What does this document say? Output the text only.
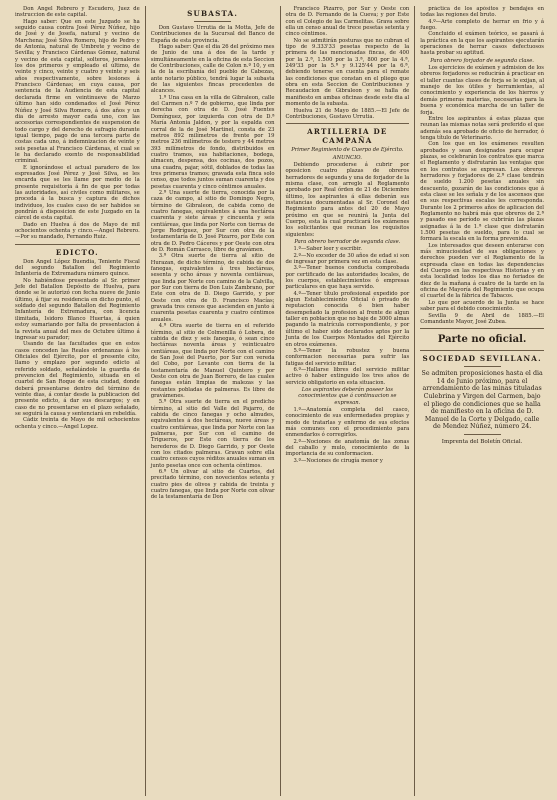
Don Angel Rebrero y Escudero, Juez de instruccion de este capital.

Hago saber: Que en este Juzgado se ha seguido causa contra José Pérez Núñez, hijo de José y de Josefa, natural y vecino de Marchena; José Silva Romero, hijo de Pedro y de Antonia, natural de Umbrete y vecino de Sevilla; y Francisco Cárdenas Gómez, natural y vecino de esta capital, solteros, jornaleros los dos primeros y empleado el último, de veinte y cinco, veinte y cuatro y veinte y seis años respectivamente, sobre lesiones á Francisco Cárdenas; en cuya causa, por sentencia de la Audiencia de esta capital declarada firme en veintinueve de Marzo último han sido condenados el José Pérez Núñez y José Silva Romero, á dos años y un dia de arresto mayor cada uno, con las accesorias correspondientes de suspension de todo cargo y del derecho de sufragio durante igual tiempo, pago de una tercera parte de costas cada uno, á indemnizacion de veinte y seis pesetas al Francisco Cárdenas, el cual se le ha declarado exento de responsabilidad criminal.

E ignorándose el actual paradero de los espresados José Pérez y José Silva, se les encarda que se les llame por medio de la presente requisitoria á fin de que por todas las autoridades, así civiles como militares, se proceda á la busca y captura de dichos individuos, los cuales caso de ser habidos se pondrán á disposicion de este Juzgado en la cárcel de esta capital.

Dado en Huelva á dos de Mayo de mil ochocientos ochenta y cinco.—Angel Rebrero.—Por su mandado, Fernando Ruiz.

EDICTO.

Don Angel López Buendia, Teniente Fiscal del segundo Batallon del Regimiento Infantería de Extremadura número quince.

No habiéndose presentado al Sr. primer Jefe del Batallon Depósito de Huelva, para donde se le autorizó con fecha nueve de Junio último, á fijar su residencia en dicho punto, el soldado del segundo Batallon del Regimiento Infantería de Extremadura, con licencia ilimitada, Isidoro Blanco Huertas, á quien estoy sumariando por falta de presentacion á la revista anual del mes de Octubre último á ingresar su parador;

Usando de las facultades que en estos casos conceden las Reales ordenanzas á los Oficiales del Ejército, por el presente cito, llamo y emplazo por segundo edicto al referido soldado, señalándole la guardia de prevencion del Regimiento, situada en el cuartel de San Roque de esta ciudad, donde deberá presentarse dentro del término de veinte días, á contar desde la publicacion del presente edicto, á dar sus descargos; y en caso de no presentarse en el plazo señalado, se seguirá la causa y sentenciará en rebeldía.

Cádiz treinta de Mayo de mil ochocientos ochenta y cinco.—Angel Lopez.

SUBASTA.

Don Gustavo Urrutia de la Motta, Jefe de Contribuciones de la Sucursal del Banco de España de esta provincia.

Hago saber: Que el dia 26 del próximo mes de Junio de una á dos de la tarde y simultáneamente en la oficina de esta Seccion de Contribuciones, calle de Colon n.º 10, y en la de la escribanía del pueblo de Cabezas, ante notario público, tendrá lugar la subasta de las siguientes fincas procedentes de alcances.

1.ª Una casa en la villa de Gibraleon, calle del Carmen n.º 7 de gobierno, que linda por derecha con otra de D. José Fuentes Domínguez, por izquierda con otra de D.ª María Antonia Jaldon, y por la espalda con corral de la de José Martinel, consta de 23 metros 892 milímetros de frente por 19 metros 236 milímetros de testero y 44 metros 393 milímetros de fondo, distribuidos en cuatro tramos, sus habitaciones, bodega, almacen, despensa, dos cocinas, dos pozos, una cuadra, pajar, sótil, doblados de todas las tres primeras tramos; gravada esta finca solo censo, que todos juntos suman cuarenta y dos pesetas cuarenta y cinco céntimos anuales.

2.ª Una suerte de tierra, conocida por la caza de campo, al sitio de Domingo Negro, término de Gibraleon, de cabida como de cuatro fanegas, equivalentes á una hectárea cuarenta y siete áreas y cincuenta y seis centiáreas, que linda por Norte con tierras de Jorge Rodríguez, por Sur con otra de la testamentaría de D. José Pizarro, por Este con otra de D. Pedro Cáceres y por Oeste con otra de D. Román Carrasco, libre de gravámen.

3.ª Otra suerte de tierra al sitio de Hurazan, de dicho término, de cabida de dos fanegas, equivalentes á tres hectáreas, sesenta y ocho áreas y noventa centiáreas, que linda por Norte con camino de la Calvilla, por Sur con tierra de Don Luis Zambrano, por Este con otra de D. Diego Garrido, y por Oeste con otra de D. Francisco Macías; gravada tres censos que ascienden en junto á cuarenta pesetas cuarenta y cuatro céntimos anuales.

4.ª Otra suerte de tierra en el referido término, al sitio de Colmenilla ó Lobera, de cabida de diez y seis fanegas, ó sean cinco hectáreas noventa áreas y veinticuatro centiáreas, que linda por Norte con el camino de San José del Puerto, por Sur con vereda del Cobo, por Levante con tierra de la testamentaría de Manuel Quintero y por Oeste con otra de Juan Borrero, de las cuales fanegas están limpias de malezas y las restantes pobladas de palmeras. Es libre de gravámenes.

5.ª Otra suerte de tierra en el predicho término, al sitio del Valle del Pajarro, de cabida de cinco fanegas y ocho almudes, equivalentes á dos hectáreas, nueve áreas y cuatro centiáreas, que linda por Norte con las palmeras, por Sur con el camino de Trigueros, por Este con tierra de los herederos de D. Diego Garrido, y por Oeste con los citados palmeras. Gravan sobre ella cuatro censos cuyos réditos anuales suman en junto pesetas once con ochenta céntimos.

6.ª Un olivar al sitio de Cuartos, del precitado término, con novecientos setenta y cuatro pies de olivos y cabida de treinta y cuatro fanegas, que linda por Norte con olivar de la testamentaría de Don

Francisco Pizarro, por Sur y Oeste con otra de D. Fernando de la Cueva; y por Este con el Colegio de las Carmelitas. Grava sobre ella un censo anual de trece pesetas setenta y cinco céntimos.

No se admitirán posturas que no cubran el tipo de 9.333'33 pesetas respecto de la primera de las mencionadas fincas, de 400 por la 2.ª, 1.500 por la 3.ª, 800 por la 4.ª, 249'33 por la 5.ª y 9.125'44 por la 6.ª, debiendo tenerse en cuenta para el remate las condiciones que constan en el pliego que obra en esta Seccion de Contribuciones y Recaudacion de Gibraleon y se halla de manifiesto en ambas oficinas desde este dia al momento de la subasta.

Huelva 21 de Mayo de 1885.—El Jefe de Contribuciones, Gustavo Urrutia.

ARTILLERIA DE CAMPAÑA

Primer Regimiento de Cuerpo de Ejército.

ANUNCIO.

Debiendo procederse á cubrir por oposicion cuatro plazas de obreros herradores de segunda y una de forjador de la misma clase, con arreglo al Reglamento aprobado por Real órden de 21 de Diciembre último, los aspirantes á ellas deberán sus instancias documentadas al Sr. Coronel del Regimiento para antes del 20 de Mayo próximo en que se reunirá la Junta del Cuerpo, esta la cual practicará los exámenes los solicitantes que reunan los requisitos siguientes:

Para obrero herrador de segunda clase.

1.º—Saber leer y escribir.

2.º—No exceder de 30 años de edad si son de ingresar por primera vez en esta clase.

3.º—Tener buenos conducta comprobada por certificado de las autoridades locales, de los cuerpos, establecimientos ó empresas particulares en que haya servido.

4.º—Tener título profesional expedido por algun Establecimiento Oficial ó privado de reputacion conocida ó bien haber desempeñado la profesion al frente de algun taller en poblacion que no baje de 3000 almas pagando la matrícula correspondiente, y por último el haber sido declarados aptos por la Junta de los Cuerpos Montados del Ejército en otros exámenes.

5.º—Tener la robustez y buena conformacion necesarias para sufrir las fatigas del servicio militar.

6.º—Hallarse libres del servicio militar activo ó haber extinguido los tres años de servicio obligatorio en esta situacion.

Los aspirantes deberán poseer los conocimientos que á continuacion se expresan.

1.º—Anatomía completa del casco, conocimiento de sus enfermedades propias y modo de tratarlas y enfermo de sus efectos más comunes con el procedimiento para enmendarlos ó corregirlos.

2.º—Nociones de anatomía de las zonas del caballo y mulo, conocimiento de la importancia de su conformacion.

3.º—Nociones de cirugía menor y

práctica de los apósitos y bendajes en todas las regiones del bruto.

4.º—Arte completo de herrar en frio y á fuego.

Concluido el exámen teórico, se pasará á la práctica en la que los aspirantes ejecutarán operaciones de herrar casos defectuosos hasta probar su aptitud.

Para obrero forjador de segunda clase.

Los ejercicios de exámen y admision de los obreros forjadores se reducirán á practicar en el taller cuantas clases de forja se le exijan, al manejo de los útiles y herramientas, al conocimiento y experiencia de los hierros y demás primeras materias, necesarias para la buena y económica marcha de un taller de forja.

Entre los aspirantes á estas plazas que reunan las mismas notas será preferido el que además sea aprobado de oficio de herrador, ó tenga título de Veterinario.

Con los que en los exámenes resulten aprobados y sean designados para ocupar plazas, se celebrarán los contratos que marca el Reglamento y disfrutarán las ventajas que en los contratos se expresan. Los obreros herradores y forjadores de 2.ª clase tendrán de sueldo 1.200 pesetas anuales sin descuento, gozarán de las condiciones que á esta clase se les señala y de los ascensos que en sus respectivas escalas les corresponda. Durante los 2 primeros años de aplicacion del Reglamento no habrá más que obreros de 2.ª y pasado ese período se cubrirán las plazas asignadas á la de 1.ª clase que disfrutarán 1.500 pesetas de sueldo, para lo cual se formará la escala en la forma prevenida.

Los interesados que deseen enterarse con más minuciosidad de sus obligaciones y derechos pueden ver el Reglamento de la expresada clase en todas las dependencias del Cuerpo en las respectivas Historias y en esta localidad todos los dias no feriados de diez de la mañana á cuatro de la tarde en la oficina de Mayoría del Regimiento que ocupa el cuartel de la fábrica de Tabacos.

Lo que por acuerdo de la Junta se hace saber para el debido conocimiento.

Sevilla 9 de Abril de 1885.—El Comandante Mayor, José Zubea.

Parte no oficial.
SOCIEDAD SEVILLANA.

Se admiten proposiciones hasta el dia 14 de Junio próximo, para el arrendamiento de las minas tituladas Culebrina y Virgen del Carmen, bajo el pliego de condiciones que se halla de manifiesto en la oficina de D. Manuel de la Corte y Delgado, calle de Mendez Núñez, número 24.

Imprenta del Boletín Oficial.
